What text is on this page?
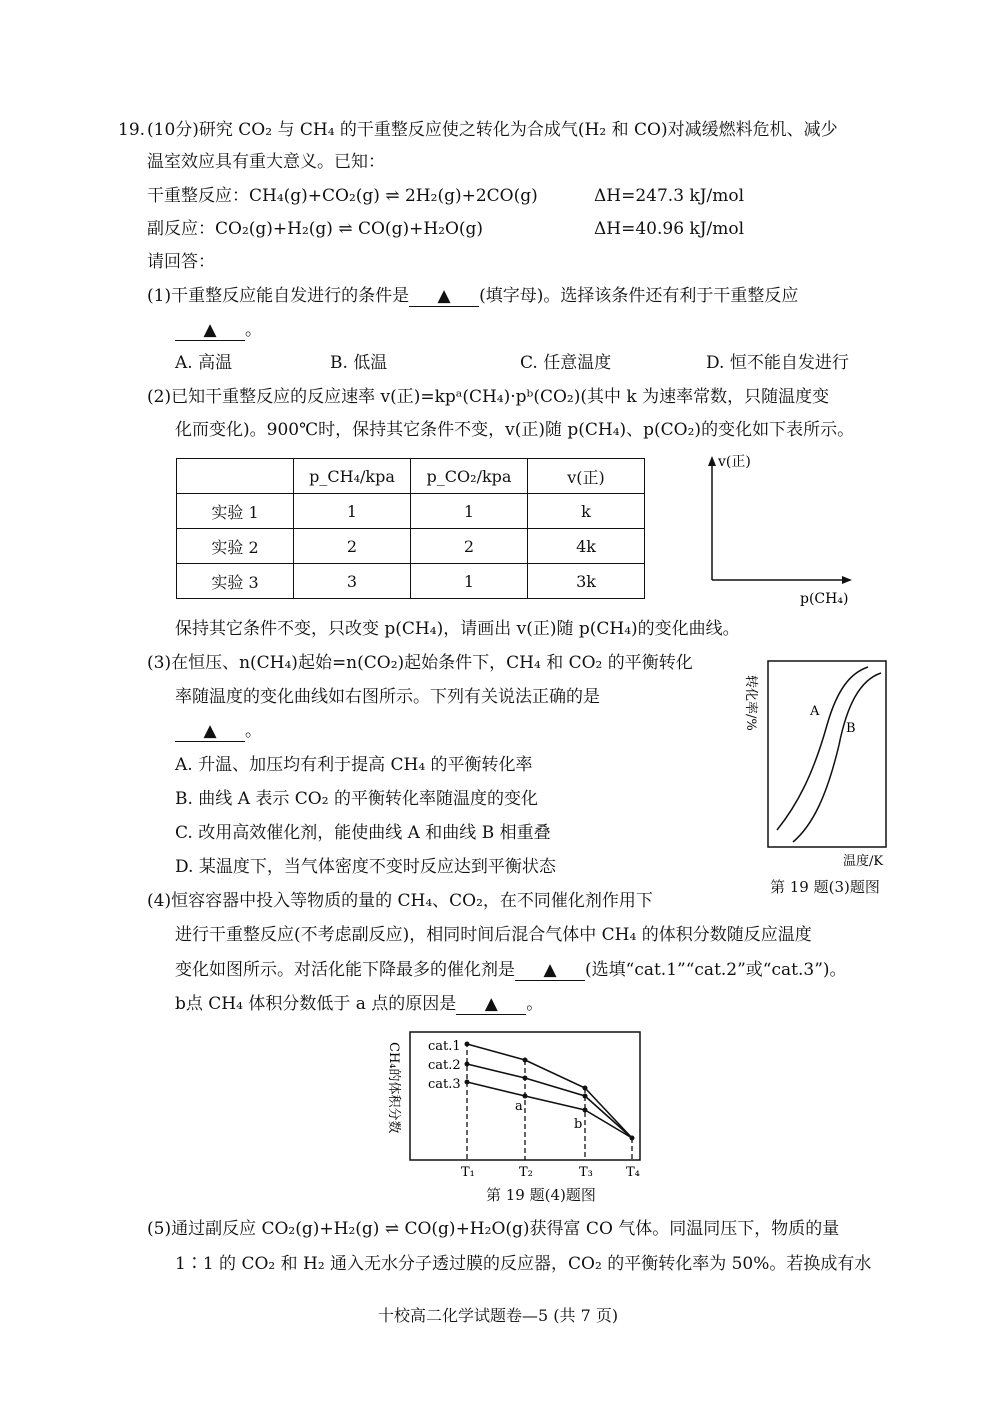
19. (10分)研究 CO₂ 与 CH₄ 的干重整反应使之转化为合成气(H₂ 和 CO)对减缓燃料危机、减少
温室效应具有重大意义。已知：
干重整反应：CH₄(g)+CO₂(g) ⇌ 2H₂(g)+2CO(g)	ΔH=247.3 kJ/mol
副反应：CO₂(g)+H₂(g) ⇌ CO(g)+H₂O(g)	ΔH=40.96 kJ/mol
请回答：
(1)干重整反应能自发进行的条件是 ▲ (填字母)。选择该条件还有利于干重整反应
▲ 。
A. 高温	B. 低温	C. 任意温度	D. 恒不能自发进行
(2)已知干重整反应的反应速率 v(正)=kpᵃ(CH₄)·pᵇ(CO₂)(其中 k 为速率常数，只随温度变
化而变化)。900℃时，保持其它条件不变，v(正)随 p(CH₄)、p(CO₂)的变化如下表所示。
	p_CH₄/kpa	p_CO₂/kpa	v(正)
实验 1	1	1	k
实验 2	2	2	4k
实验 3	3	1	3k
v(正)
p(CH₄)
保持其它条件不变，只改变 p(CH₄)，请画出 v(正)随 p(CH₄)的变化曲线。
(3)在恒压、n(CH₄)起始=n(CO₂)起始条件下，CH₄ 和 CO₂ 的平衡转化
率随温度的变化曲线如右图所示。下列有关说法正确的是
▲ 。
A. 升温、加压均有利于提高 CH₄ 的平衡转化率
B. 曲线 A 表示 CO₂ 的平衡转化率随温度的变化
C. 改用高效催化剂，能使曲线 A 和曲线 B 相重叠
D. 某温度下，当气体密度不变时反应达到平衡状态
转化率/%	A
B
温度/K
第 19 题(3)题图
(4)恒容容器中投入等物质的量的 CH₄、CO₂，在不同催化剂作用下
进行干重整反应(不考虑副反应)，相同时间后混合气体中 CH₄ 的体积分数随反应温度
变化如图所示。对活化能下降最多的催化剂是 ▲ (选填“cat.1”“cat.2”或“cat.3”)。
b点 CH₄ 体积分数低于 a 点的原因是 ▲ 。
CH₄的体积分数 cat.1
cat.2
cat.3
a
b
T₁	T₂	T₃	T₄
第 19 题(4)题图
(5)通过副反应 CO₂(g)+H₂(g) ⇌ CO(g)+H₂O(g)获得富 CO 气体。同温同压下，物质的量
1∶1 的 CO₂ 和 H₂ 通入无水分子透过膜的反应器，CO₂ 的平衡转化率为 50%。若换成有水
十校高二化学试题卷—5 (共 7 页)
